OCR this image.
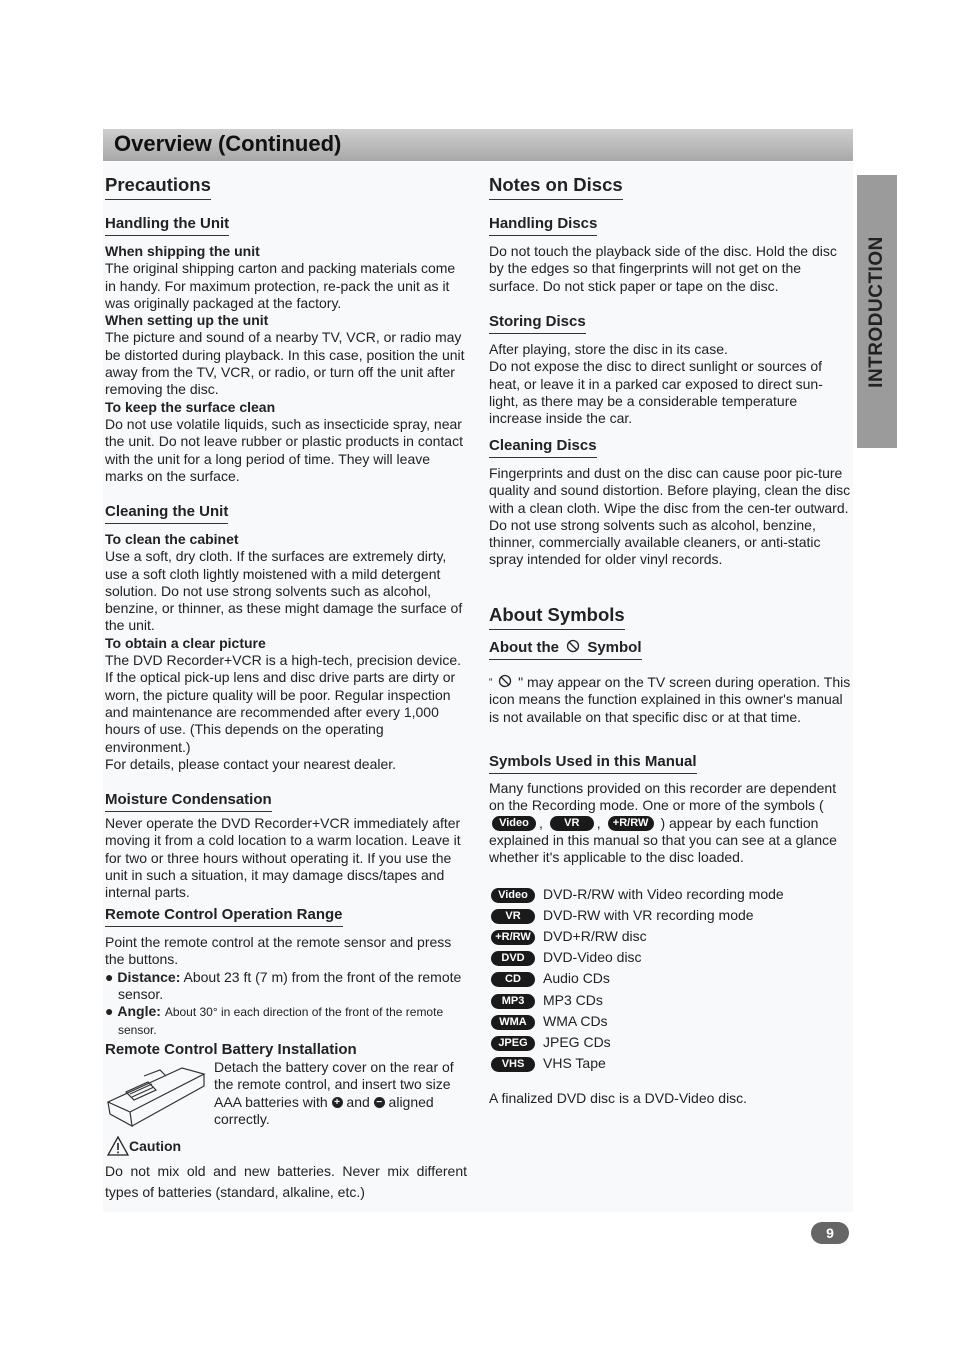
Overview (Continued)
INTRODUCTION
Precautions
Handling the Unit
When shipping the unit
The original shipping carton and packing materials come in handy. For maximum protection, re-pack the unit as it was originally packaged at the factory.
When setting up the unit
The picture and sound of a nearby TV, VCR, or radio may be distorted during playback. In this case, position the unit away from the TV, VCR, or radio, or turn off the unit after removing the disc.
To keep the surface clean
Do not use volatile liquids, such as insecticide spray, near the unit. Do not leave rubber or plastic products in contact with the unit for a long period of time. They will leave marks on the surface.
Cleaning the Unit
To clean the cabinet
Use a soft, dry cloth. If the surfaces are extremely dirty, use a soft cloth lightly moistened with a mild detergent solution. Do not use strong solvents such as alcohol, benzine, or thinner, as these might damage the surface of the unit.
To obtain a clear picture
The DVD Recorder+VCR is a high-tech, precision device. If the optical pick-up lens and disc drive parts are dirty or worn, the picture quality will be poor. Regular inspection and maintenance are recommended after every 1,000 hours of use. (This depends on the operating environment.)
For details, please contact your nearest dealer.
Moisture Condensation
Never operate the DVD Recorder+VCR immediately after moving it from a cold location to a warm location. Leave it for two or three hours without operating it. If you use the unit in such a situation, it may damage discs/tapes and internal parts.
Remote Control Operation Range
Point the remote control at the remote sensor and press the buttons.
● Distance: About 23 ft (7 m) from the front of the remote sensor.
● Angle: About 30° in each direction of the front of the remote sensor.
Remote Control Battery Installation
Detach the battery cover on the rear of the remote control, and insert two size AAA batteries with + and − aligned correctly.
Caution
Do not mix old and new batteries. Never mix different types of batteries (standard, alkaline, etc.)
Notes on Discs
Handling Discs
Do not touch the playback side of the disc. Hold the disc by the edges so that fingerprints will not get on the surface. Do not stick paper or tape on the disc.
Storing Discs
After playing, store the disc in its case.
Do not expose the disc to direct sunlight or sources of heat, or leave it in a parked car exposed to direct sun-light, as there may be a considerable temperature increase inside the car.
Cleaning Discs
Fingerprints and dust on the disc can cause poor pic-ture quality and sound distortion. Before playing, clean the disc with a clean cloth. Wipe the disc from the cen-ter outward.
Do not use strong solvents such as alcohol, benzine, thinner, commercially available cleaners, or anti-static spray intended for older vinyl records.
About Symbols
About the Symbol
“ " may appear on the TV screen during operation. This icon means the function explained in this owner's manual is not available on that specific disc or at that time.
Symbols Used in this Manual
Many functions provided on this recorder are dependent on the Recording mode. One or more of the symbols (Video , VR , +R/RW ) appear by each function explained in this manual so that you can see at a glance whether it's applicable to the disc loaded.
Video DVD-R/RW with Video recording mode
VR DVD-RW with VR recording mode
+R/RW DVD+R/RW disc
DVD DVD-Video disc
CD Audio CDs
MP3 MP3 CDs
WMA WMA CDs
JPEG JPEG CDs
VHS VHS Tape
A finalized DVD disc is a DVD-Video disc.
9
